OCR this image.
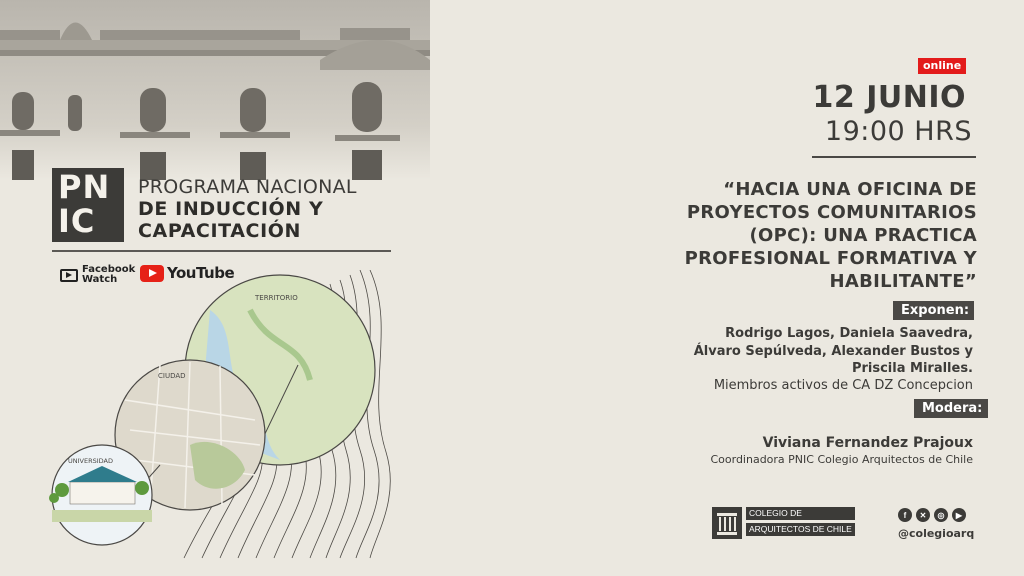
PN
IC
PROGRAMA NACIONAL
DE INDUCCIÓN Y
CAPACITACIÓN
Facebook
Watch	YouTube
TERRITORIO
CIUDAD
UNIVERSIDAD
online
12 JUNIO
19:00 HRS
“HACIA UNA OFICINA DE
PROYECTOS COMUNITARIOS
(OPC): UNA PRACTICA
PROFESIONAL FORMATIVA Y
HABILITANTE”
Exponen:
Rodrigo Lagos, Daniela Saavedra,
Álvaro Sepúlveda, Alexander Bustos y
Priscila Miralles.
Miembros activos de CA DZ Concepcion
Modera:
Viviana Fernandez Prajoux
Coordinadora PNIC Colegio Arquitectos de Chile
COLEGIO DE
ARQUITECTOS DE CHILE
f	✕	◎	▶
@colegioarq
